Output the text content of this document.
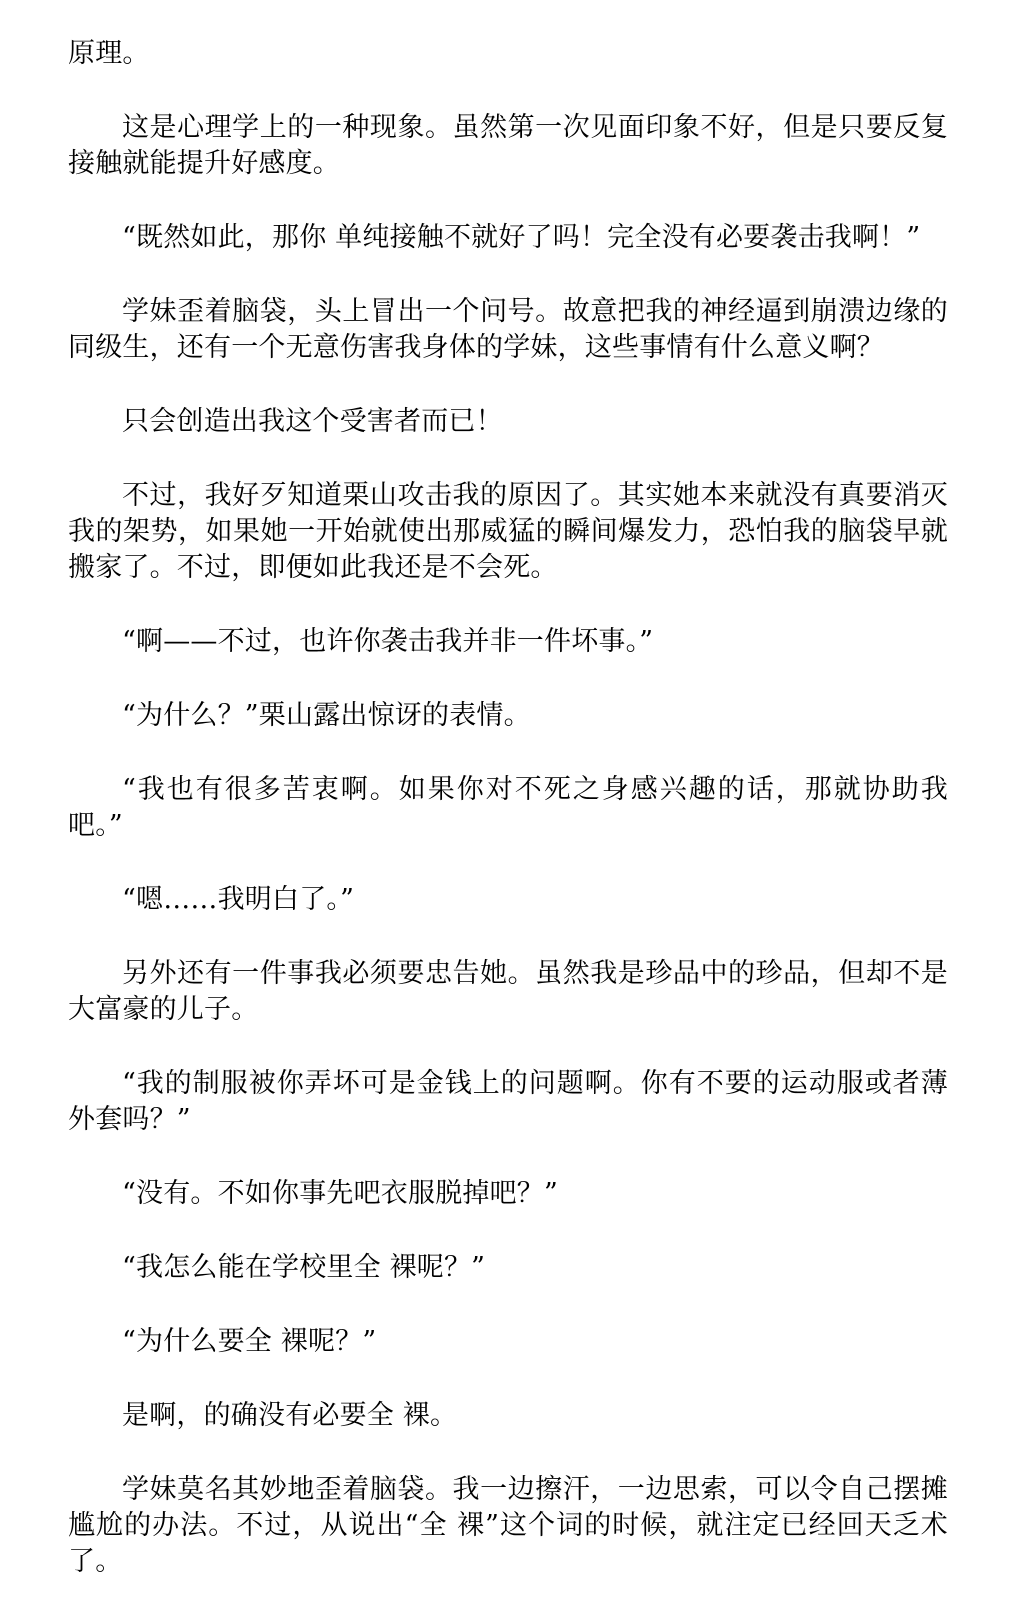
原理。

这是心理学上的一种现象。虽然第一次见面印象不好，但是只要反复接触就能提升好感度。

“既然如此，那你 单纯接触不就好了吗！完全没有必要袭击我啊！”

学妹歪着脑袋，头上冒出一个问号。故意把我的神经逼到崩溃边缘的同级生，还有一个无意伤害我身体的学妹，这些事情有什么意义啊？

只会创造出我这个受害者而已！

不过，我好歹知道栗山攻击我的原因了。其实她本来就没有真要消灭我的架势，如果她一开始就使出那威猛的瞬间爆发力，恐怕我的脑袋早就搬家了。不过，即便如此我还是不会死。

“啊——不过，也许你袭击我并非一件坏事。”

“为什么？”栗山露出惊讶的表情。

“我也有很多苦衷啊。如果你对不死之身感兴趣的话，那就协助我吧。”

“嗯……我明白了。”

另外还有一件事我必须要忠告她。虽然我是珍品中的珍品，但却不是大富豪的儿子。

“我的制服被你弄坏可是金钱上的问题啊。你有不要的运动服或者薄外套吗？”

“没有。不如你事先吧衣服脱掉吧？”

“我怎么能在学校里全 裸呢？”

“为什么要全 裸呢？”

是啊，的确没有必要全 裸。

学妹莫名其妙地歪着脑袋。我一边擦汗，一边思索，可以令自己摆摊尴尬的办法。不过，从说出“全 裸”这个词的时候，就注定已经回天乏术了。
